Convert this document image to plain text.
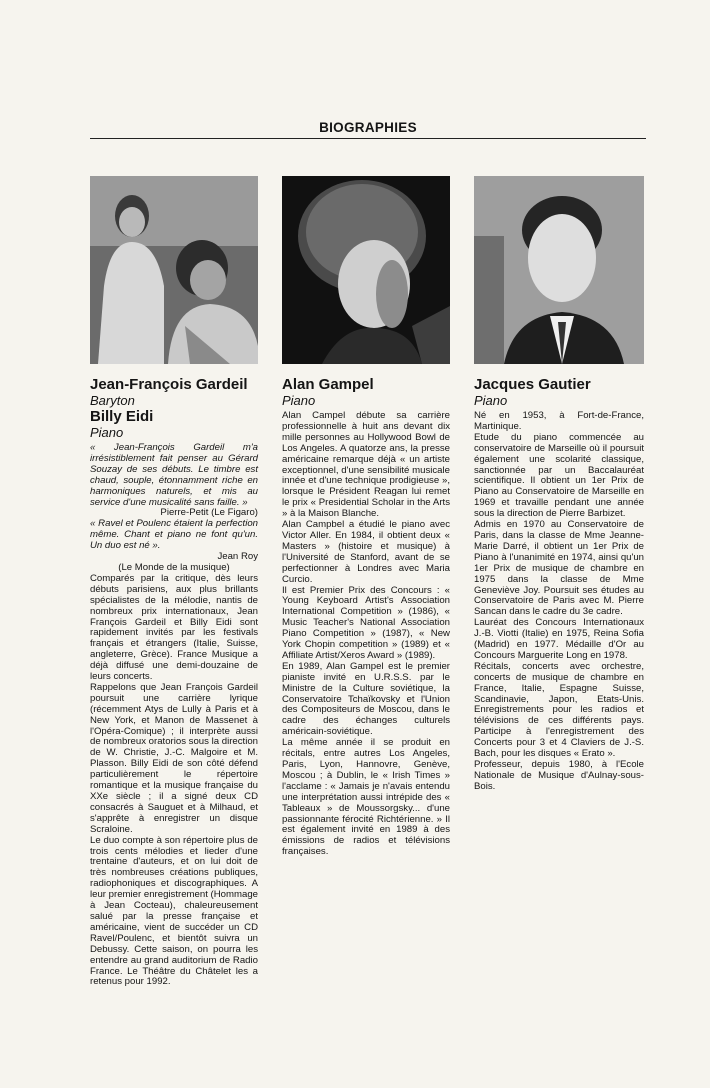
BIOGRAPHIES
Jean-François Gardeil
Baryton
Billy Eidi
Piano

« Jean-François Gardeil m'a irrésistiblement fait penser au Gérard Souzay de ses débuts. Le timbre est chaud, souple, étonnamment riche en harmoniques naturels, et mis au service d'une musicalité sans faille. »

Pierre-Petit (Le Figaro)

« Ravel et Poulenc étaient la perfection même. Chant et piano ne font qu'un. Un duo est né ».

Jean Roy

(Le Monde de la musique)

Comparés par la critique, dès leurs débuts parisiens, aux plus brillants spécialistes de la mélodie, nantis de nombreux prix internationaux, Jean François Gardeil et Billy Eidi sont rapidement invités par les festivals français et étrangers (Italie, Suisse, angleterre, Grèce). France Musique a déjà diffusé une demi-douzaine de leurs concerts.

Rappelons que Jean François Gardeil poursuit une carrière lyrique (récemment Atys de Lully à Paris et à New York, et Manon de Massenet à l'Opéra-Comique) ; il interprète aussi de nombreux oratorios sous la direction de W. Christie, J.-C. Malgoire et M. Plasson. Billy Eidi de son côté défend particulièrement le répertoire romantique et la musique française du XXe siècle ; il a signé deux CD consacrés à Sauguet et à Milhaud, et s'apprête à enregistrer un disque Scraloine.

Le duo compte à son répertoire plus de trois cents mélodies et lieder d'une trentaine d'auteurs, et on lui doit de très nombreuses créations publiques, radiophoniques et discographiques. A leur premier enregistrement (Hommage à Jean Cocteau), chaleureusement salué par la presse française et américaine, vient de succéder un CD Ravel/Poulenc, et bientôt suivra un Debussy. Cette saison, on pourra les entendre au grand auditorium de Radio France. Le Théâtre du Châtelet les a retenus pour 1992.

Alan Gampel
Piano

Alan Campel débute sa carrière professionnelle à huit ans devant dix mille personnes au Hollywood Bowl de Los Angeles. A quatorze ans, la presse américaine remarque déjà « un artiste exceptionnel, d'une sensibilité musicale innée et d'une technique prodigieuse », lorsque le Président Reagan lui remet le prix « Presidential Scholar in the Arts » à la Maison Blanche.

Alan Campbel a étudié le piano avec Victor Aller. En 1984, il obtient deux « Masters » (histoire et musique) à l'Université de Stanford, avant de se perfectionner à Londres avec Maria Curcio.

Il est Premier Prix des Concours : « Young Keyboard Artist's Association International Competition » (1986), « Music Teacher's National Association Piano Competition » (1987), « New York Chopin competition » (1989) et « Affiliate Artist/Xeros Award » (1989).

En 1989, Alan Gampel est le premier pianiste invité en U.R.S.S. par le Ministre de la Culture soviétique, la Conservatoire Tchaïkovsky et l'Union des Compositeurs de Moscou, dans le cadre des échanges culturels américain-soviétique.

La même année il se produit en récitals, entre autres Los Angeles, Paris, Lyon, Hannovre, Genève, Moscou ; à Dublin, le « Irish Times » l'acclame : « Jamais je n'avais entendu une interprétation aussi intrépide des « Tableaux » de Moussorgsky... d'une passionnante férocité Richtérienne. » Il est également invité en 1989 à des émissions de radios et télévisions françaises.

Jacques Gautier
Piano

Né en 1953, à Fort-de-France, Martinique.

Etude du piano commencée au conservatoire de Marseille où il poursuit également une scolarité classique, sanctionnée par un Baccalauréat scientifique. Il obtient un 1er Prix de Piano au Conservatoire de Marseille en 1969 et travaille pendant une année sous la direction de Pierre Barbizet.

Admis en 1970 au Conservatoire de Paris, dans la classe de Mme Jeanne-Marie Darré, il obtient un 1er Prix de Piano à l'unanimité en 1974, ainsi qu'un 1er Prix de musique de chambre en 1975 dans la classe de Mme Geneviève Joy. Poursuit ses études au Conservatoire de Paris avec M. Pierre Sancan dans le cadre du 3e cadre.

Lauréat des Concours Internationaux J.-B. Viotti (Italie) en 1975, Reina Sofia (Madrid) en 1977. Médaille d'Or au Concours Marguerite Long en 1978.

Récitals, concerts avec orchestre, concerts de musique de chambre en France, Italie, Espagne Suisse, Scandinavie, Japon, Etats-Unis. Enregistrements pour les radios et télévisions de ces différents pays. Participe à l'enregistrement des Concerts pour 3 et 4 Claviers de J.-S. Bach, pour les disques « Erato ».

Professeur, depuis 1980, à l'Ecole Nationale de Musique d'Aulnay-sous-Bois.
